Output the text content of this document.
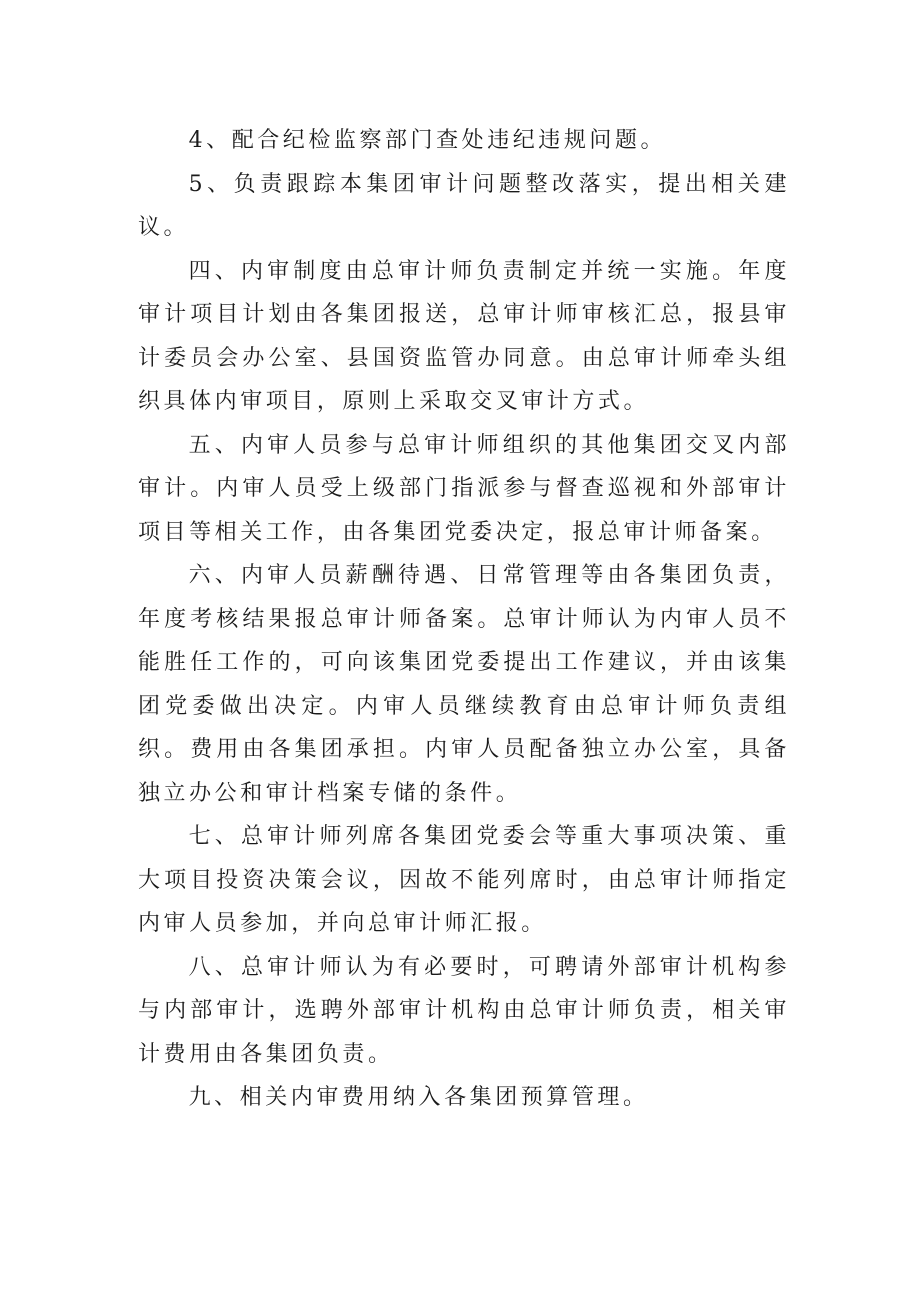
4、配合纪检监察部门查处违纪违规问题。

5、负责跟踪本集团审计问题整改落实，提出相关建议。

四、内审制度由总审计师负责制定并统一实施。年度审计项目计划由各集团报送，总审计师审核汇总，报县审计委员会办公室、县国资监管办同意。由总审计师牵头组织具体内审项目，原则上采取交叉审计方式。

五、内审人员参与总审计师组织的其他集团交叉内部审计。内审人员受上级部门指派参与督查巡视和外部审计项目等相关工作，由各集团党委决定，报总审计师备案。

六、内审人员薪酬待遇、日常管理等由各集团负责，年度考核结果报总审计师备案。总审计师认为内审人员不能胜任工作的，可向该集团党委提出工作建议，并由该集团党委做出决定。内审人员继续教育由总审计师负责组织。费用由各集团承担。内审人员配备独立办公室，具备独立办公和审计档案专储的条件。

七、总审计师列席各集团党委会等重大事项决策、重大项目投资决策会议，因故不能列席时，由总审计师指定内审人员参加，并向总审计师汇报。

八、总审计师认为有必要时，可聘请外部审计机构参与内部审计，选聘外部审计机构由总审计师负责，相关审计费用由各集团负责。

九、相关内审费用纳入各集团预算管理。
